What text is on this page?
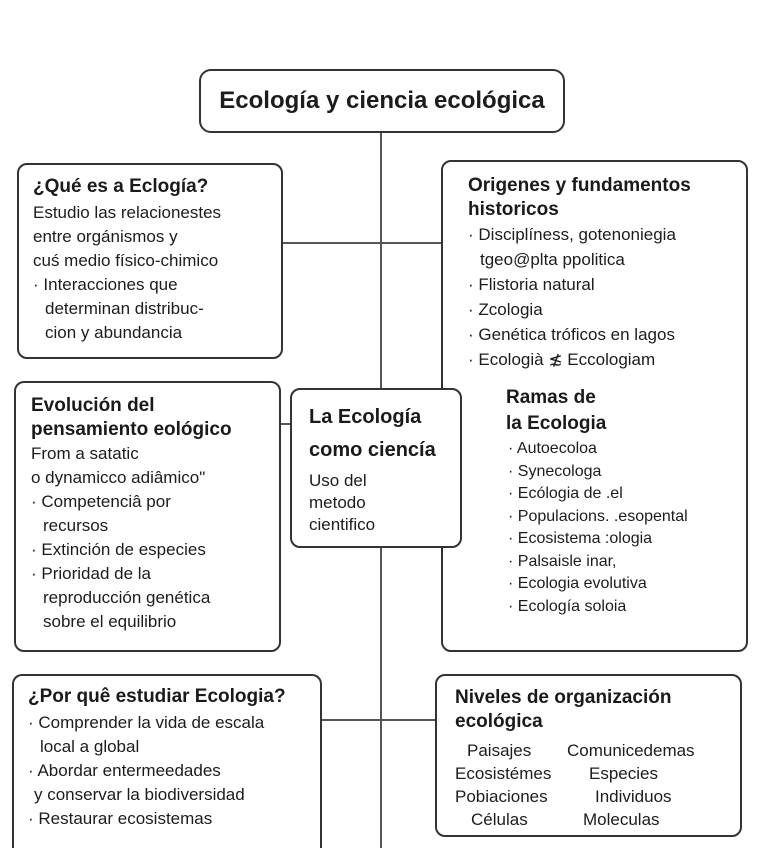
Ecología y ciencia ecológica
¿Qué es a Eclogía?
Estudio las relacionestes
entre orgánismos y
cuś medio físico-chimico
· Interacciones que
determinan distribuc-
cion y abundancia
Origenes y fundamentos
historicos
· Disciplíness, gotenoniegia
tgeo@plta ppolitica
· Flistoria natural
· Zcologia
· Genética tróficos en lagos
· Ecologià ≴ Eccologiam
Ramas de
la Ecologia
· Autoecoloa
· Synecologa
· Ecólogia de .el
· Populacions. .esopental
· Ecosistema :ologia
· Palsaisle inar,
· Ecologia evolutiva
· Ecología soloia
Evolución del
pensamiento eológico
From a satatic
o dynamicco adiâmico"
· Competenciâ por
recursos
· Extinción de especies
· Prioridad de la
reproducción genética
sobre el equilibrio
La Ecología
como ciencía
Uso del
metodo
cientifico
¿Por quê estudiar Ecologia?
· Comprender la vida de escala
local a global
· Abordar entermeedades
y conservar la biodiversidad
· Restaurar ecosistemas
Niveles de organización
ecológica
Paisajes
Ecosistémes
Pobiaciones
Células
Comunicedemas
Especies
Individuos
Moleculas
